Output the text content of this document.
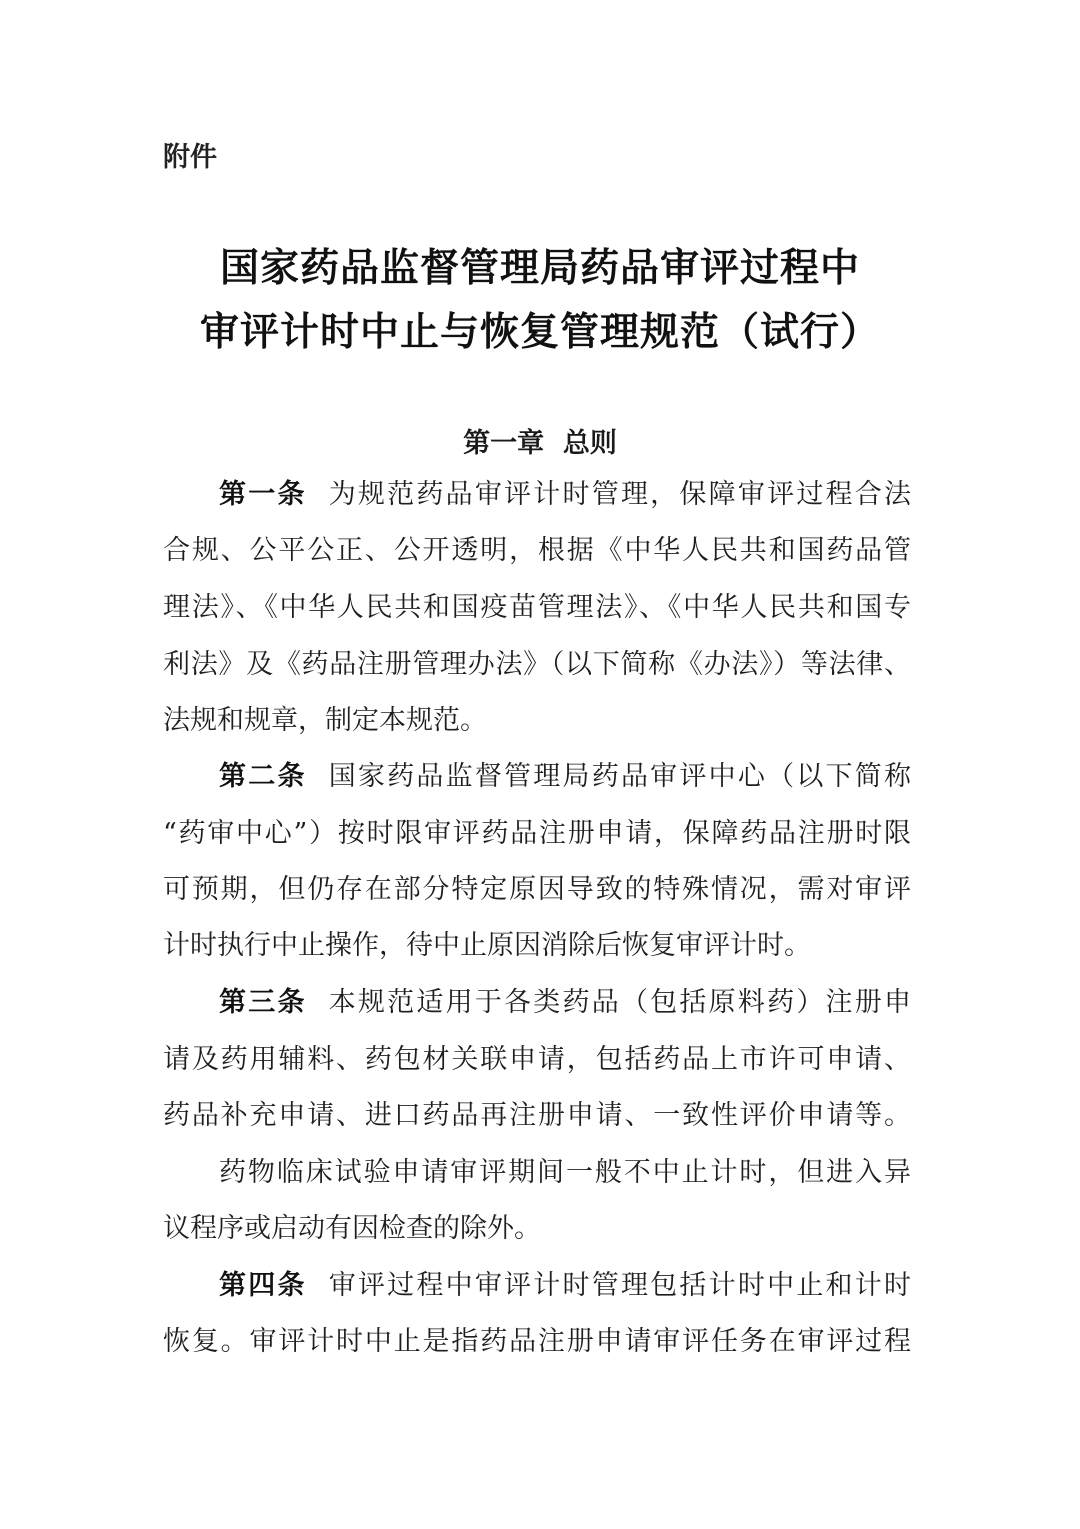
附件
国家药品监督管理局药品审评过程中
审评计时中止与恢复管理规范（试行）
第一章  总则
第一条 为规范药品审评计时管理，保障审评过程合法
合规、公平公正、公开透明，根据《中华人民共和国药品管
理法》、《中华人民共和国疫苗管理法》、《中华人民共和国专
利法》及《药品注册管理办法》（以下简称《办法》）等法律、
法规和规章，制定本规范。
第二条 国家药品监督管理局药品审评中心（以下简称
“药审中心”）按时限审评药品注册申请，保障药品注册时限
可预期，但仍存在部分特定原因导致的特殊情况，需对审评
计时执行中止操作，待中止原因消除后恢复审评计时。
第三条 本规范适用于各类药品（包括原料药）注册申
请及药用辅料、药包材关联申请，包括药品上市许可申请、
药品补充申请、进口药品再注册申请、一致性评价申请等。
药物临床试验申请审评期间一般不中止计时，但进入异
议程序或启动有因检查的除外。
第四条 审评过程中审评计时管理包括计时中止和计时
恢复。审评计时中止是指药品注册申请审评任务在审评过程
